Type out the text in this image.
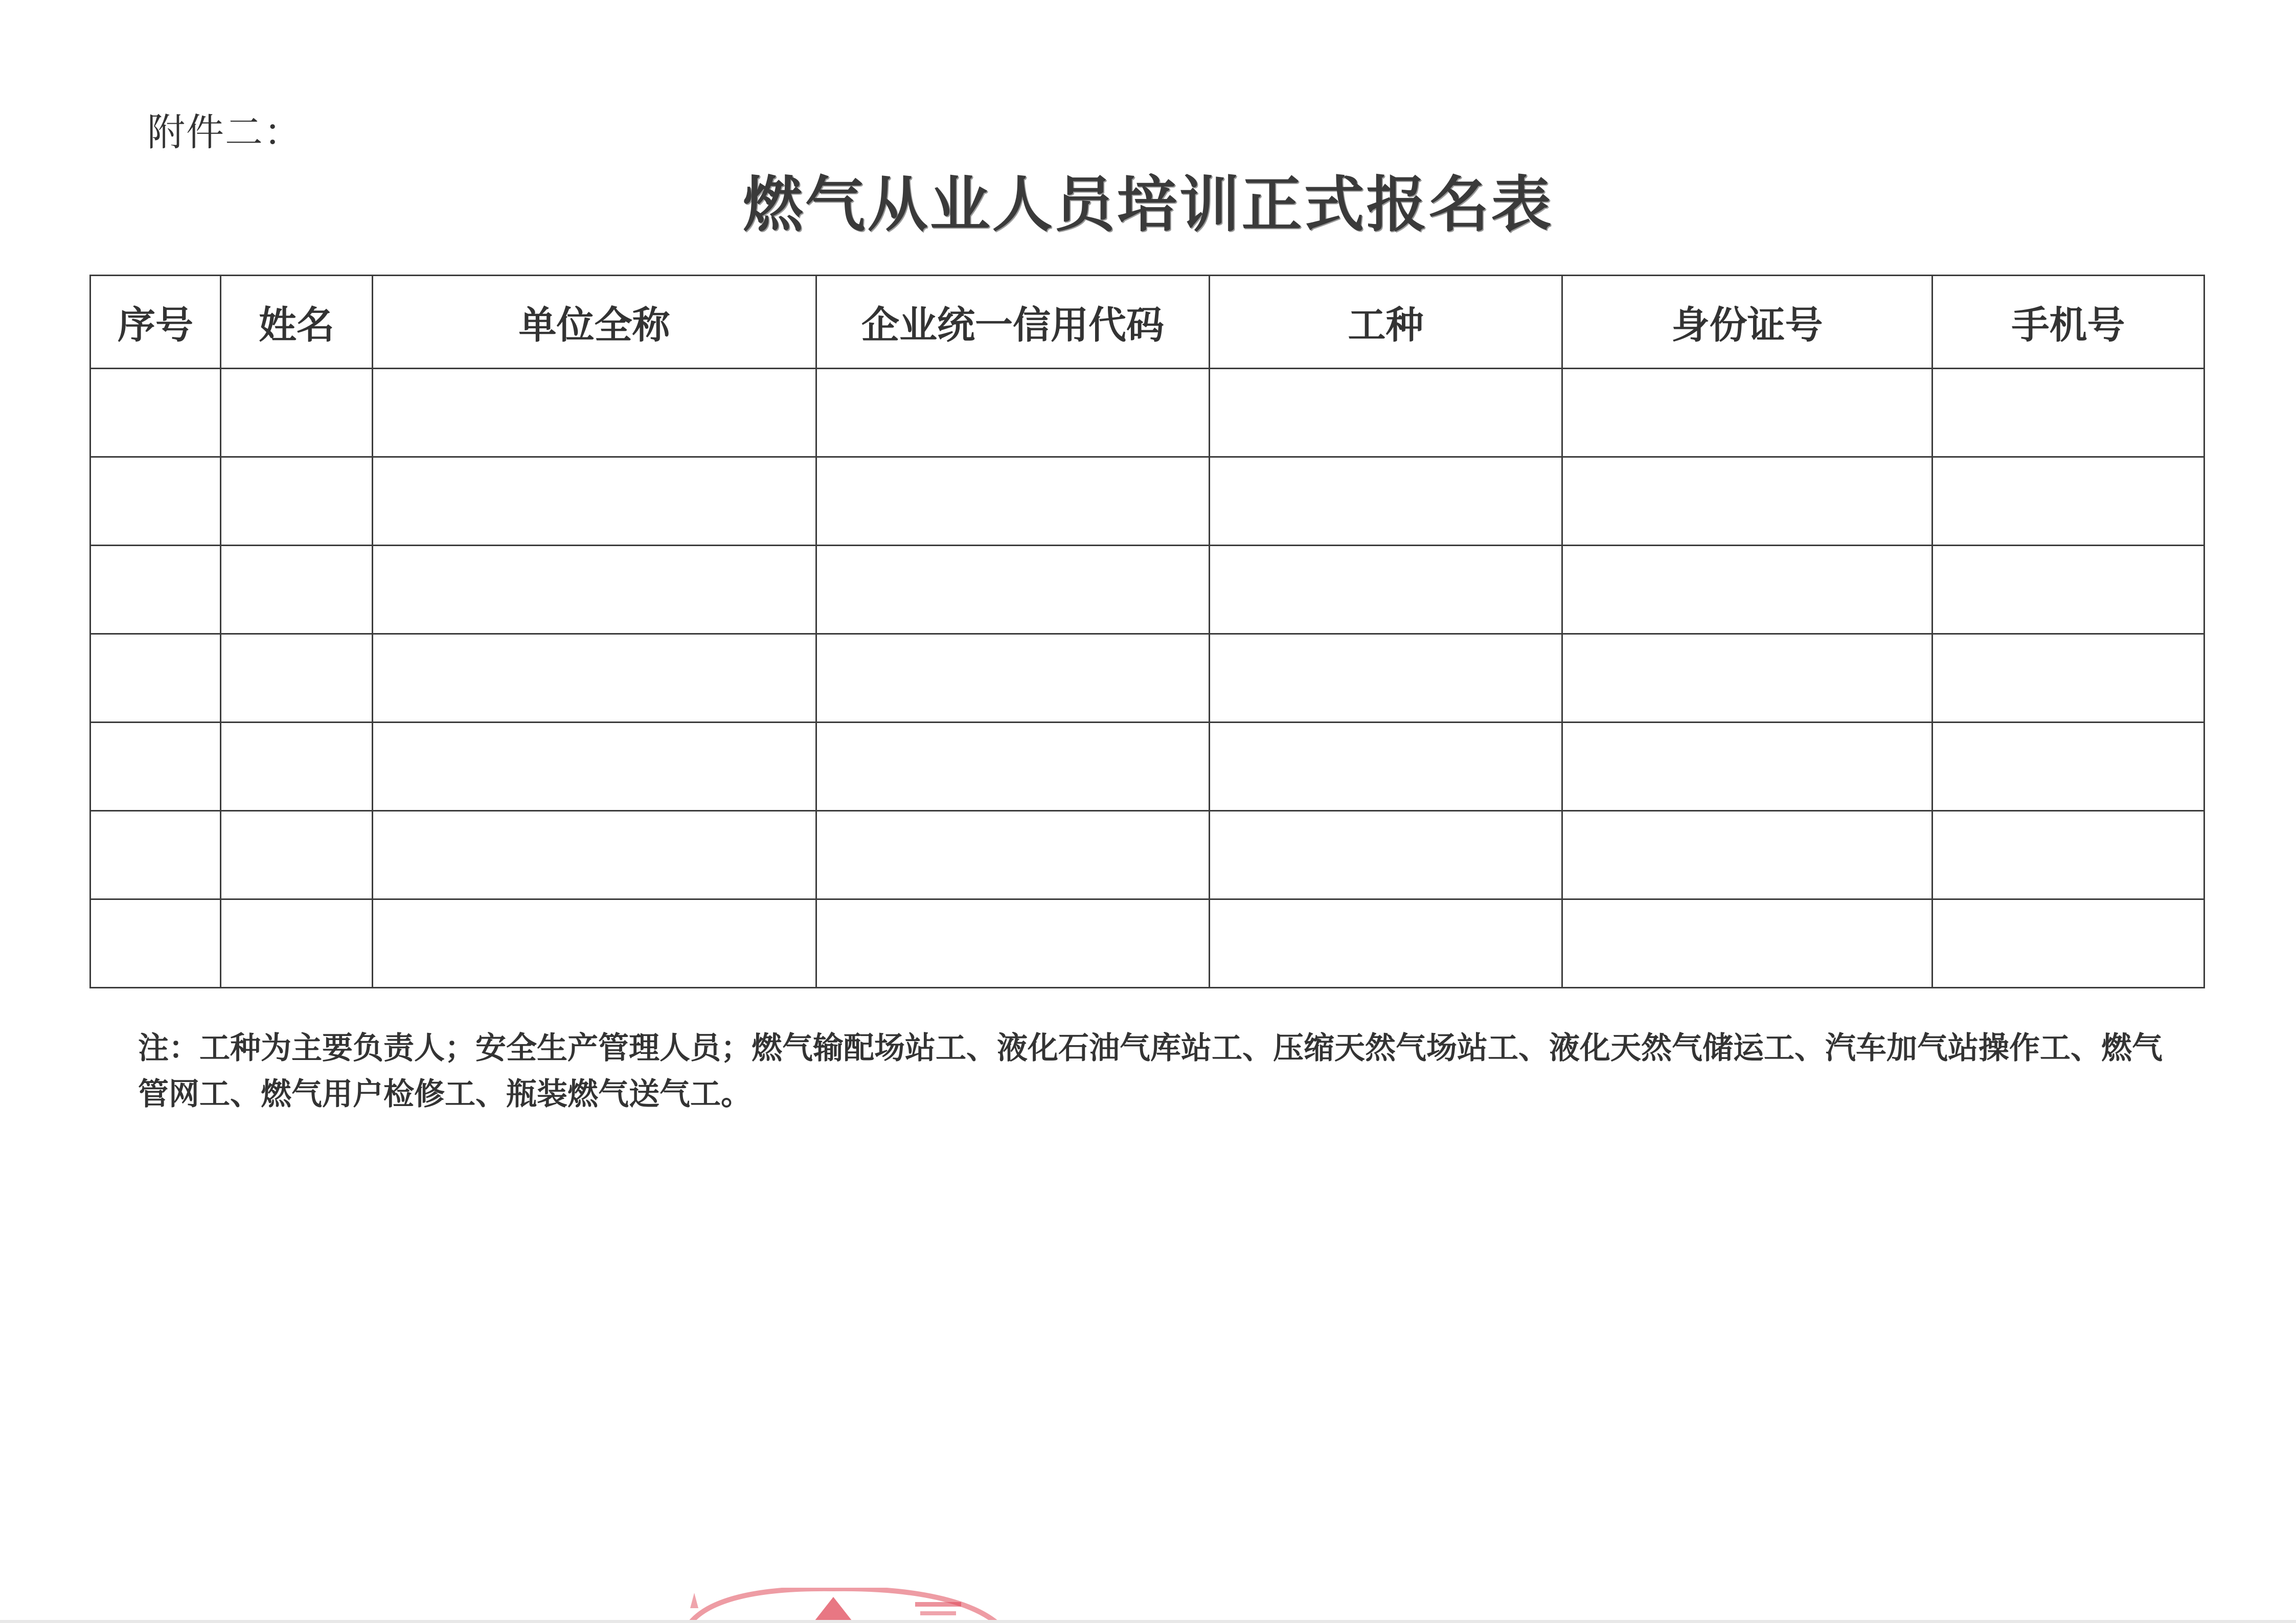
附件二：
燃气从业人员培训正式报名表
序号	姓名	单位全称	企业统一信用代码	工种	身份证号	手机号

注：工种为主要负责人；安全生产管理人员；燃气输配场站工、液化石油气库站工、压缩天然气场站工、液化天然气储运工、汽车加气站操作工、燃气管网工、燃气用户检修工、瓶装燃气送气工。
